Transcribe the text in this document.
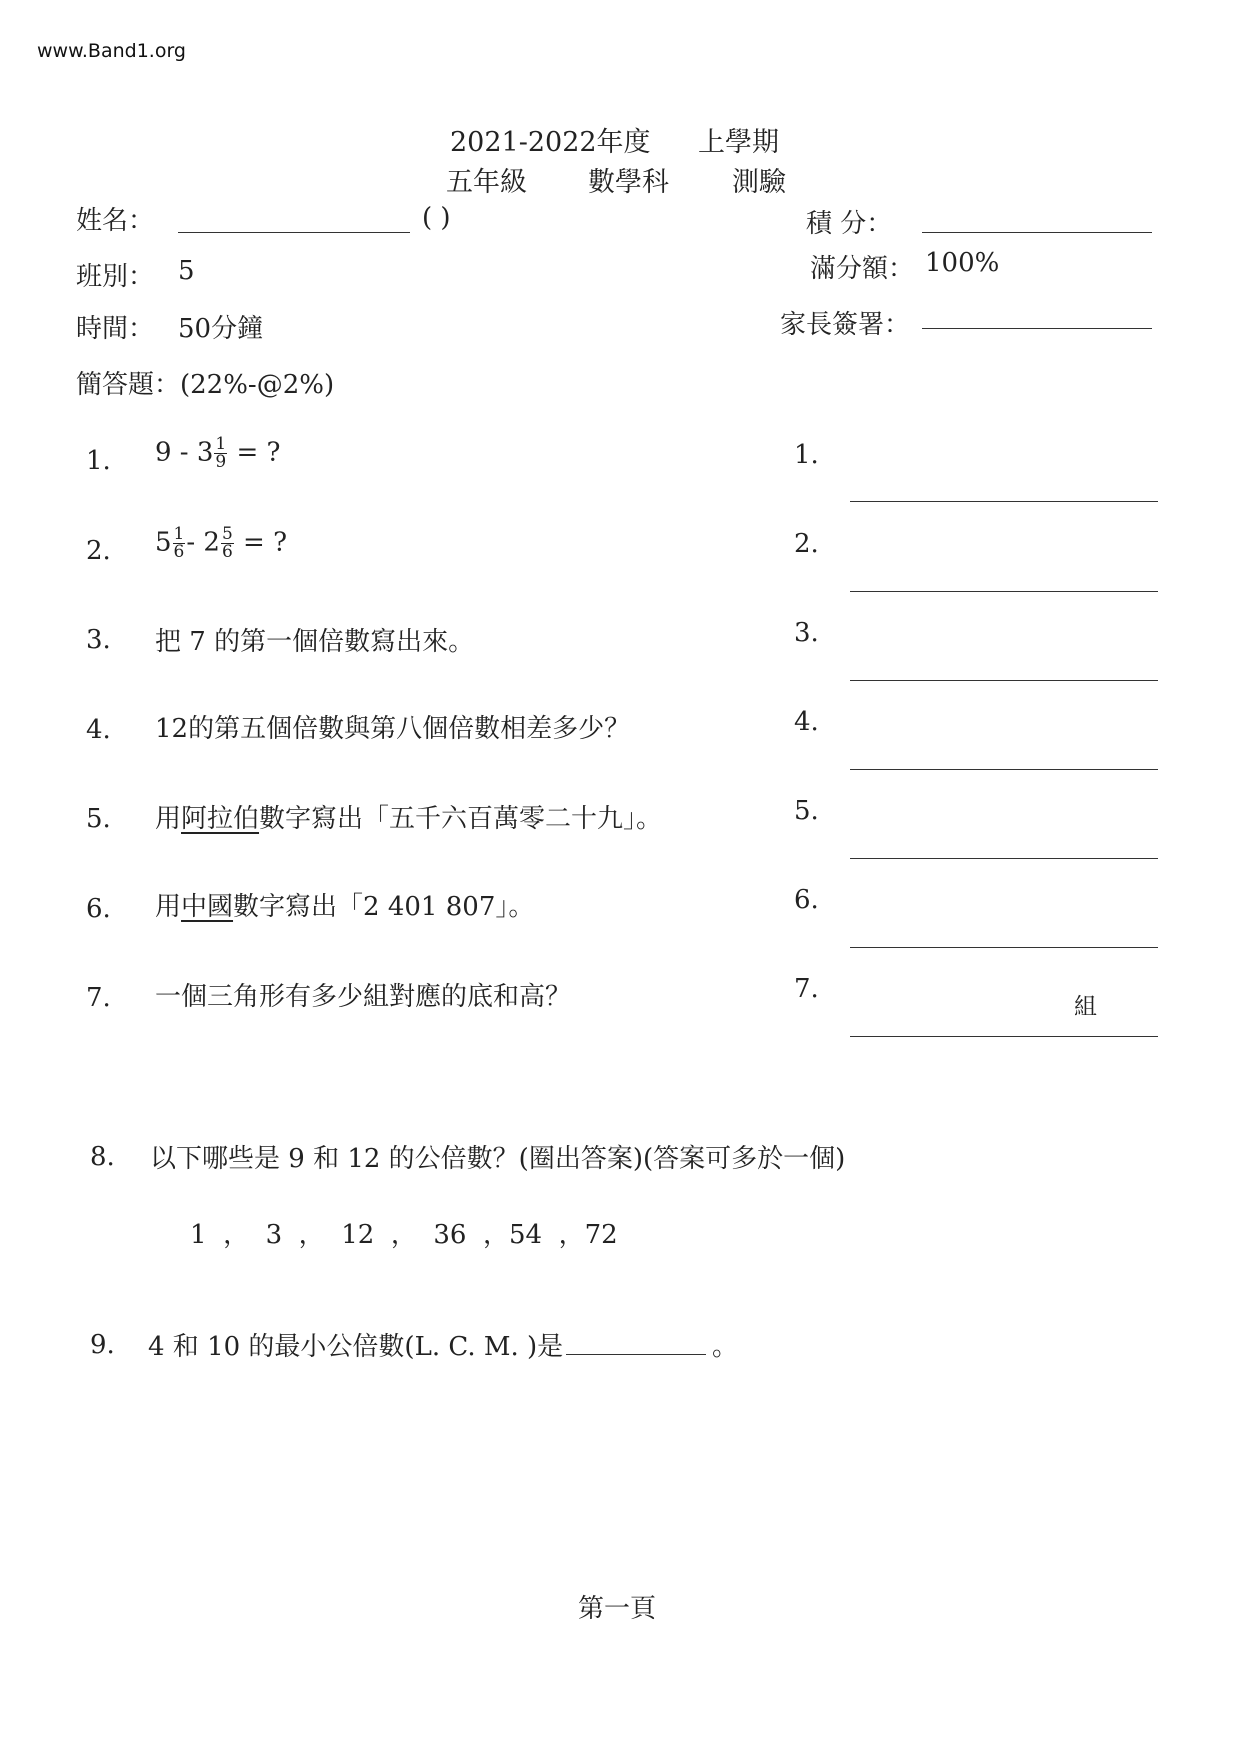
www.Band1.org
2021-2022年度 上學期
五年級 數學科 測驗
姓名：	( )	積 分：
班別： 5	滿分額： 100%
時間： 50分鐘	家長簽署：
簡答題：(22%-@2%)
1. $9 - 3 \frac{1}{9}$ = ?
2. $5 \frac{1}{6} - 2 \frac{5}{6}$ = ?
3. 把 7 的第一個倍數寫出來。
4. 12的第五個倍數與第八個倍數相差多少？
5. 用阿拉伯數字寫出「五千六百萬零二十九」。
6. 用中國數字寫出「2 401 807」。
7. 一個三角形有多少組對應的底和高？
1.
2.
3.
4.
5.
6.
7.
組
8. 以下哪些是 9 和 12 的公倍數？(圈出答案)(答案可多於一個)
1  ，  3  ，  12  ，  36  ，54  ，72
9. 4 和 10 的最小公倍數(L. C. M. )是	。
第一頁
